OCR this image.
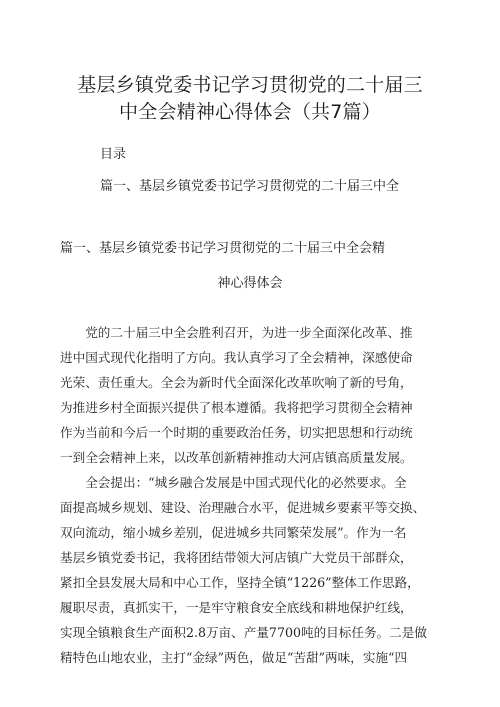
基层乡镇党委书记学习贯彻党的二十届三
中全会精神心得体会（共7篇）
目录
篇一、基层乡镇党委书记学习贯彻党的二十届三中全
篇一、基层乡镇党委书记学习贯彻党的二十届三中全会精
神心得体会
　　党的二十届三中全会胜利召开，为进一步全面深化改革、推
进中国式现代化指明了方向。我认真学习了全会精神，深感使命
光荣、责任重大。全会为新时代全面深化改革吹响了新的号角，
为推进乡村全面振兴提供了根本遵循。我将把学习贯彻全会精神
作为当前和今后一个时期的重要政治任务，切实把思想和行动统
一到全会精神上来，以改革创新精神推动大河店镇高质量发展。
　　全会提出：“城乡融合发展是中国式现代化的必然要求。全
面提高城乡规划、建设、治理融合水平，促进城乡要素平等交换、
双向流动，缩小城乡差别，促进城乡共同繁荣发展”。作为一名
基层乡镇党委书记，我将团结带领大河店镇广大党员干部群众，
紧扣全县发展大局和中心工作，坚持全镇“1226”整体工作思路，
履职尽责，真抓实干，一是牢守粮食安全底线和耕地保护红线，
实现全镇粮食生产面积2.8万亩、产量7700吨的目标任务。二是做
精特色山地农业，主打“金绿”两色，做足“苦甜”两味，实施“四
